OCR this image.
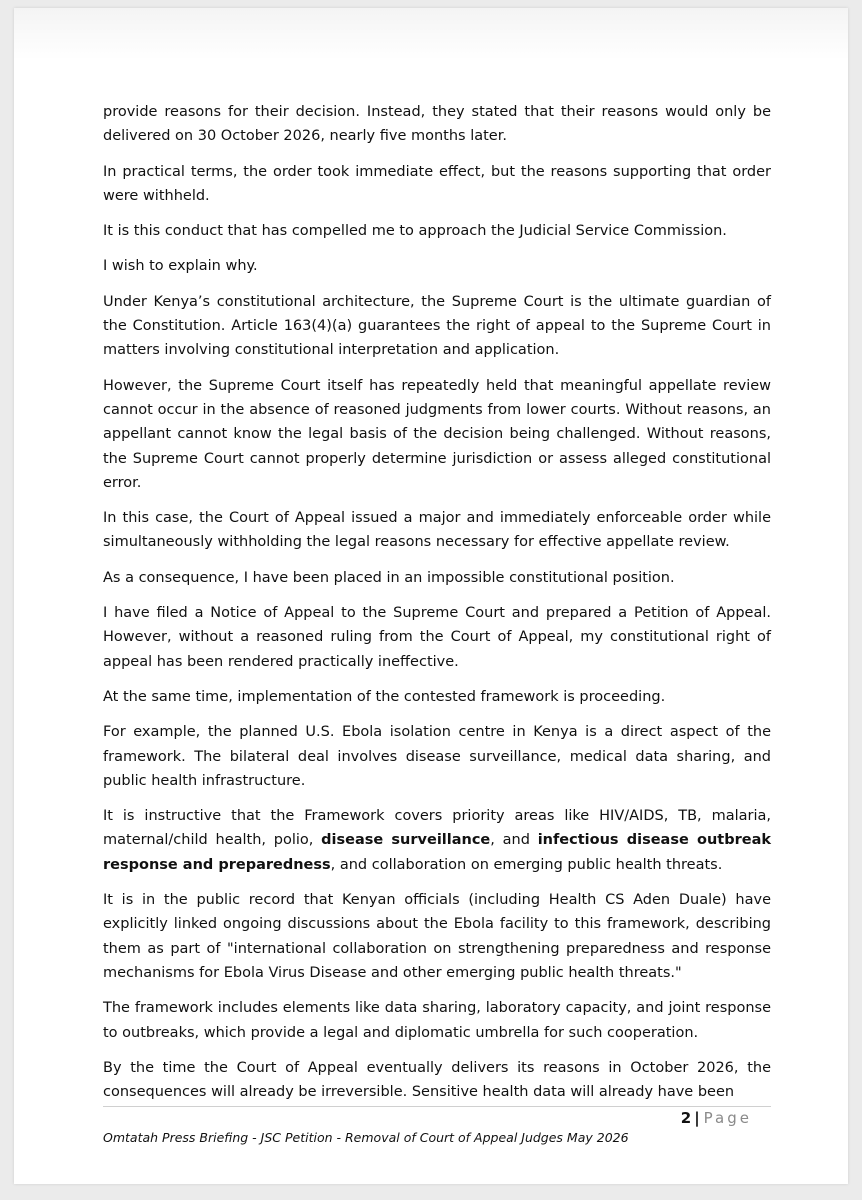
provide reasons for their decision. Instead, they stated that their reasons would only be delivered on 30 October 2026, nearly five months later.

In practical terms, the order took immediate effect, but the reasons supporting that order were withheld.

It is this conduct that has compelled me to approach the Judicial Service Commission.

I wish to explain why.

Under Kenya’s constitutional architecture, the Supreme Court is the ultimate guardian of the Constitution. Article 163(4)(a) guarantees the right of appeal to the Supreme Court in matters involving constitutional interpretation and application.

However, the Supreme Court itself has repeatedly held that meaningful appellate review cannot occur in the absence of reasoned judgments from lower courts. Without reasons, an appellant cannot know the legal basis of the decision being challenged. Without reasons, the Supreme Court cannot properly determine jurisdiction or assess alleged constitutional error.

In this case, the Court of Appeal issued a major and immediately enforceable order while simultaneously withholding the legal reasons necessary for effective appellate review.

As a consequence, I have been placed in an impossible constitutional position.

I have filed a Notice of Appeal to the Supreme Court and prepared a Petition of Appeal. However, without a reasoned ruling from the Court of Appeal, my constitutional right of appeal has been rendered practically ineffective.

At the same time, implementation of the contested framework is proceeding.

For example, the planned U.S. Ebola isolation centre in Kenya is a direct aspect of the framework. The bilateral deal involves disease surveillance, medical data sharing, and public health infrastructure.

It is instructive that the Framework covers priority areas like HIV/AIDS, TB, malaria, maternal/child health, polio, disease surveillance, and infectious disease outbreak response and preparedness, and collaboration on emerging public health threats.

It is in the public record that Kenyan officials (including Health CS Aden Duale) have explicitly linked ongoing discussions about the Ebola facility to this framework, describing them as part of "international collaboration on strengthening preparedness and response mechanisms for Ebola Virus Disease and other emerging public health threats."

The framework includes elements like data sharing, laboratory capacity, and joint response to outbreaks, which provide a legal and diplomatic umbrella for such cooperation.

By the time the Court of Appeal eventually delivers its reasons in October 2026, the consequences will already be irreversible. Sensitive health data will already have been

2 | Page
Omtatah Press Briefing - JSC Petition - Removal of Court of Appeal Judges May 2026
